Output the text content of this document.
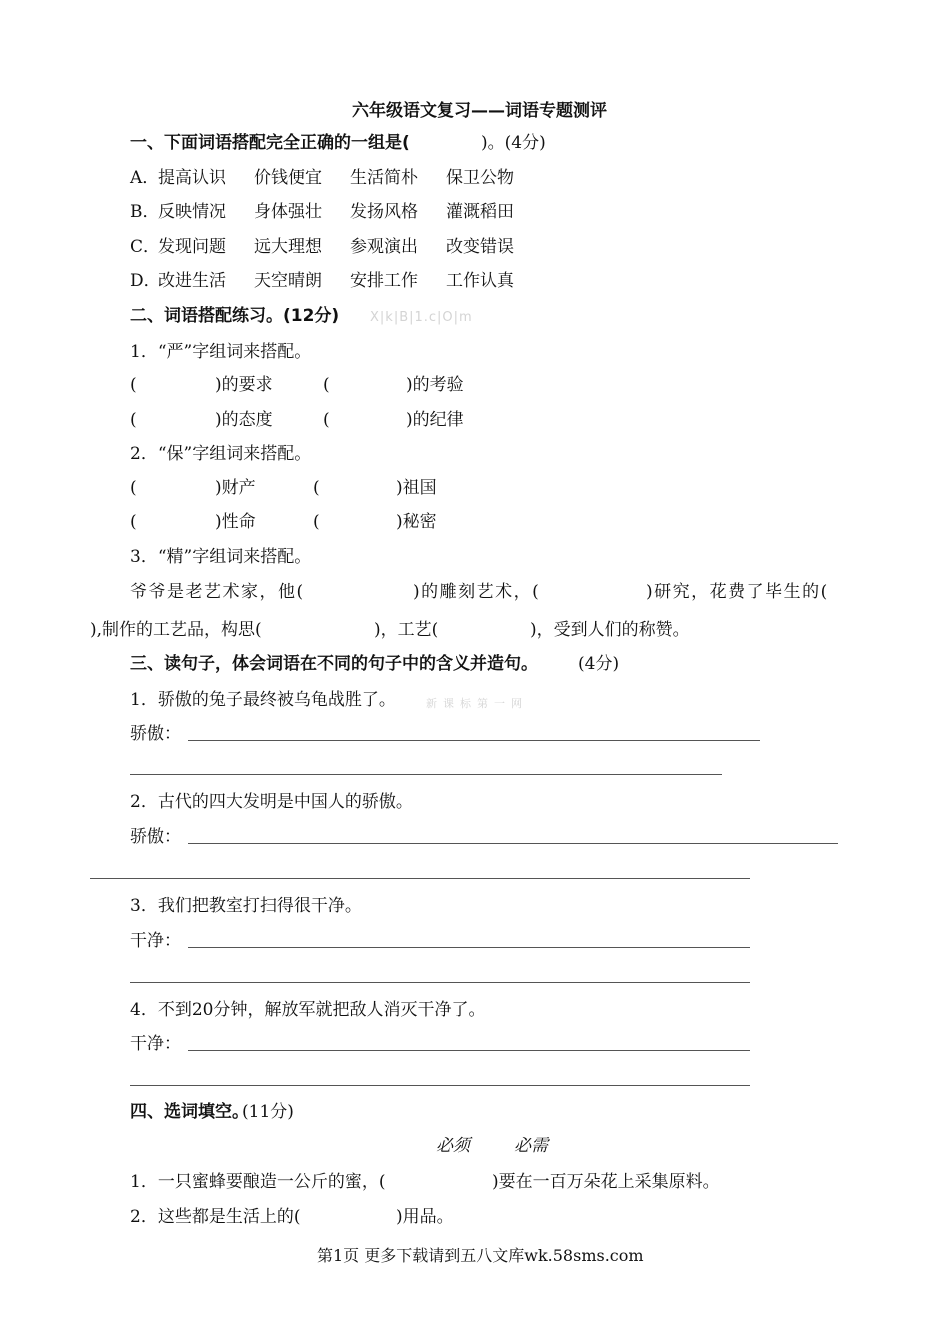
六年级语文复习——词语专题测评
一、下面词语搭配完全正确的一组是(	)。(4分)
A．
提高认识 价钱便宜 生活简朴 保卫公物
B．
反映情况 身体强壮 发扬风格 灌溉稻田
C．
发现问题 远大理想 参观演出 改变错误
D．
改进生活 天空晴朗 安排工作 工作认真
二、词语搭配练习。(12分) X|k|B|1.c|O|m
1．“严”字组词来搭配。
(	)的要求	(	)的考验
(	)的态度	(	)的纪律
2．“保”字组词来搭配。
(	)财产	(	)祖国
(	)性命	(	)秘密
3．“精”字组词来搭配。
爷爷是老艺术家，他(	)的雕刻艺术，(	)研究，花费了毕生的(
),制作的工艺品，构思(	)，工艺(	)，受到人们的称赞。
三、读句子，体会词语在不同的句子中的含义并造句。 (4分)
1．骄傲的兔子最终被乌龟战胜了。	新课标第一网
骄傲：
2．古代的四大发明是中国人的骄傲。
骄傲：
3．我们把教室打扫得很干净。
干净：
4．不到20分钟，解放军就把敌人消灭干净了。
干净：
四、选词填空。
(11分)
必须	必需
1．一只蜜蜂要酿造一公斤的蜜，(	)要在一百万朵花上采集原料。
2．这些都是生活上的(	)用品。
第1页 更多下载请到五八文库wk.58sms.com
